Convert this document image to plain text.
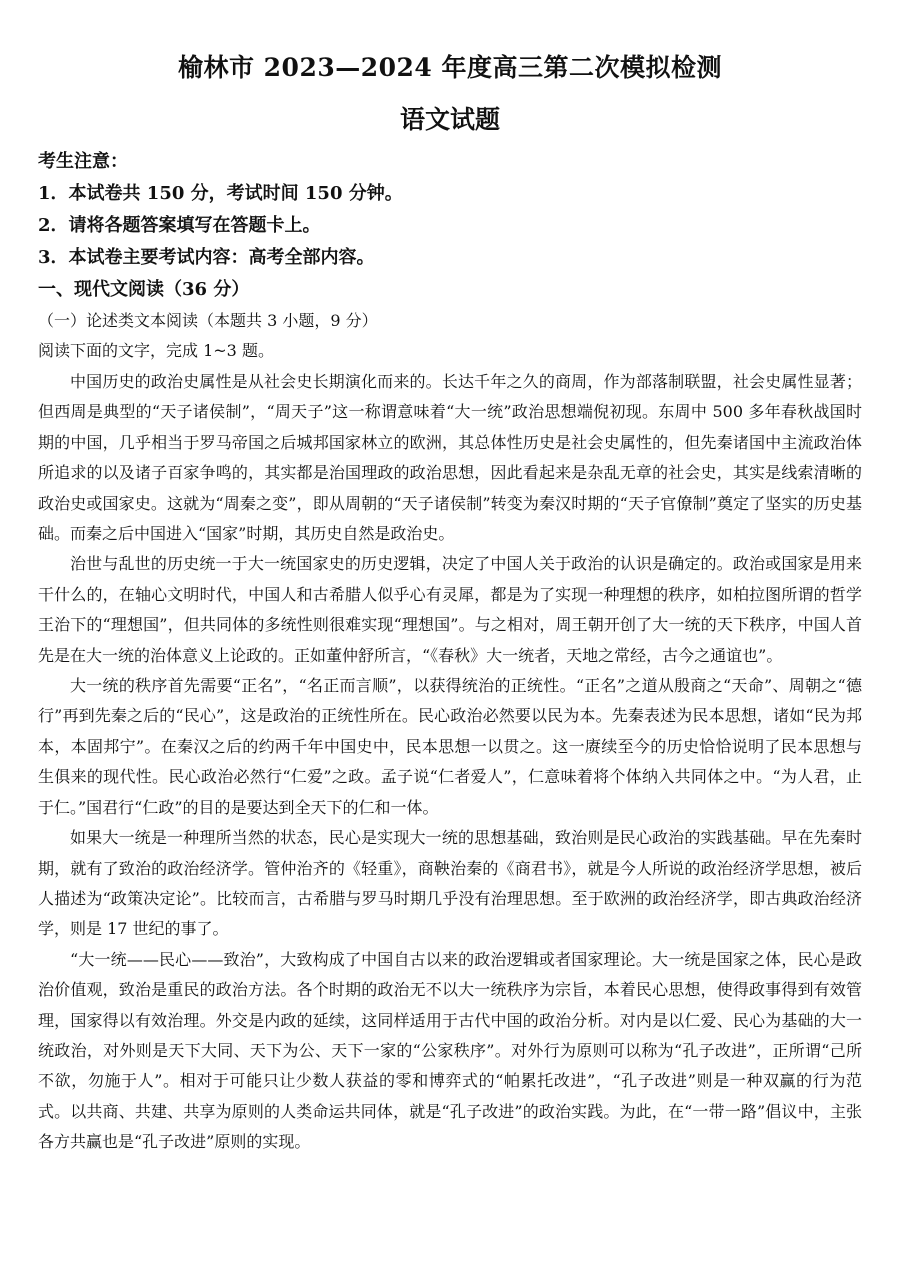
榆林市 2023—2024 年度高三第二次模拟检测
语文试题

考生注意：

1．本试卷共 150 分，考试时间 150 分钟。

2．请将各题答案填写在答题卡上。

3．本试卷主要考试内容：高考全部内容。

一、现代文阅读（36 分）

（一）论述类文本阅读（本题共 3 小题，9 分）

阅读下面的文字，完成 1~3 题。

中国历史的政治史属性是从社会史长期演化而来的。长达千年之久的商周，作为部落制联盟，社会史属性显著；但西周是典型的“天子诸侯制”，“周天子”这一称谓意味着“大一统”政治思想端倪初现。东周中 500 多年春秋战国时期的中国，几乎相当于罗马帝国之后城邦国家林立的欧洲，其总体性历史是社会史属性的，但先秦诸国中主流政治体所追求的以及诸子百家争鸣的，其实都是治国理政的政治思想，因此看起来是杂乱无章的社会史，其实是线索清晰的政治史或国家史。这就为“周秦之变”，即从周朝的“天子诸侯制”转变为秦汉时期的“天子官僚制”奠定了坚实的历史基础。而秦之后中国进入“国家”时期，其历史自然是政治史。

治世与乱世的历史统一于大一统国家史的历史逻辑，决定了中国人关于政治的认识是确定的。政治或国家是用来干什么的，在轴心文明时代，中国人和古希腊人似乎心有灵犀，都是为了实现一种理想的秩序，如柏拉图所谓的哲学王治下的“理想国”，但共同体的多统性则很难实现“理想国”。与之相对，周王朝开创了大一统的天下秩序，中国人首先是在大一统的治体意义上论政的。正如董仲舒所言，“《春秋》大一统者，天地之常经，古今之通谊也”。

大一统的秩序首先需要“正名”，“名正而言顺”，以获得统治的正统性。“正名”之道从殷商之“天命”、周朝之“德行”再到先秦之后的“民心”，这是政治的正统性所在。民心政治必然要以民为本。先秦表述为民本思想，诸如“民为邦本，本固邦宁”。在秦汉之后的约两千年中国史中，民本思想一以贯之。这一赓续至今的历史恰恰说明了民本思想与生俱来的现代性。民心政治必然行“仁爱”之政。孟子说“仁者爱人”，仁意味着将个体纳入共同体之中。“为人君，止于仁。”国君行“仁政”的目的是要达到全天下的仁和一体。

如果大一统是一种理所当然的状态，民心是实现大一统的思想基础，致治则是民心政治的实践基础。早在先秦时期，就有了致治的政治经济学。管仲治齐的《轻重》，商鞅治秦的《商君书》，就是今人所说的政治经济学思想，被后人描述为“政策决定论”。比较而言，古希腊与罗马时期几乎没有治理思想。至于欧洲的政治经济学，即古典政治经济学，则是 17 世纪的事了。

“大一统——民心——致治”，大致构成了中国自古以来的政治逻辑或者国家理论。大一统是国家之体，民心是政治价值观，致治是重民的政治方法。各个时期的政治无不以大一统秩序为宗旨，本着民心思想，使得政事得到有效管理，国家得以有效治理。外交是内政的延续，这同样适用于古代中国的政治分析。对内是以仁爱、民心为基础的大一统政治，对外则是天下大同、天下为公、天下一家的“公家秩序”。对外行为原则可以称为“孔子改进”，正所谓“己所不欲，勿施于人”。相对于可能只让少数人获益的零和博弈式的“帕累托改进”，“孔子改进”则是一种双赢的行为范式。以共商、共建、共享为原则的人类命运共同体，就是“孔子改进”的政治实践。为此，在“一带一路”倡议中，主张各方共赢也是“孔子改进”原则的实现。
